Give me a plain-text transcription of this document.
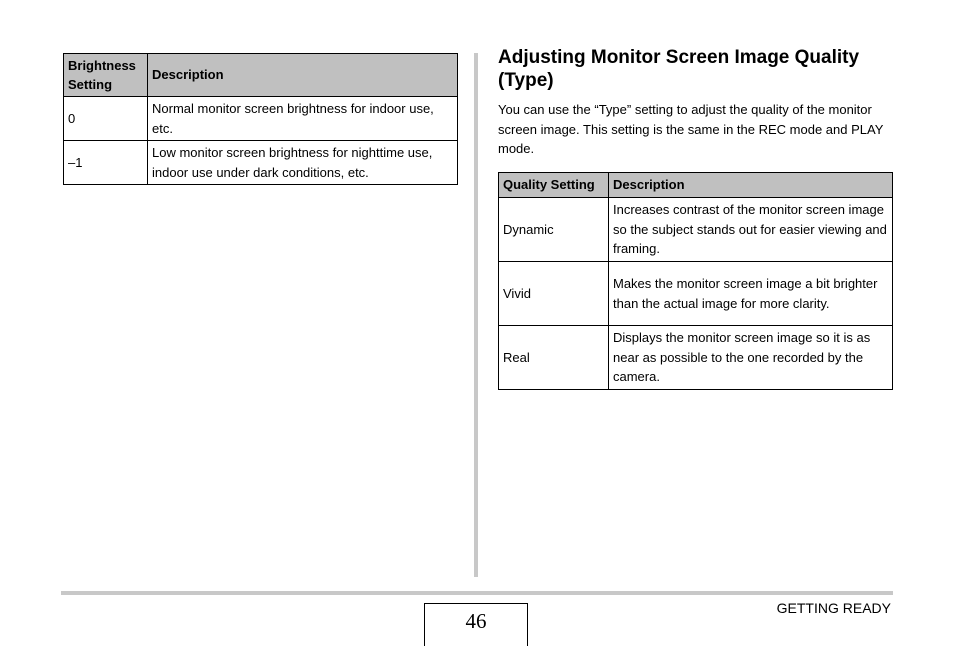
Brightness Setting	Description
0	Normal monitor screen brightness for indoor use, etc.
–1	Low monitor screen brightness for nighttime use, indoor use under dark conditions, etc.
Adjusting Monitor Screen Image Quality (Type)

You can use the “Type” setting to adjust the quality of the monitor screen image. This setting is the same in the REC mode and PLAY mode.

Quality Setting	Description
Dynamic	Increases contrast of the monitor screen image so the subject stands out for easier viewing and framing.
Vivid	Makes the monitor screen image a bit brighter than the actual image for more clarity.
Real	Displays the monitor screen image so it is as near as possible to the one recorded by the camera.
46
GETTING READY
